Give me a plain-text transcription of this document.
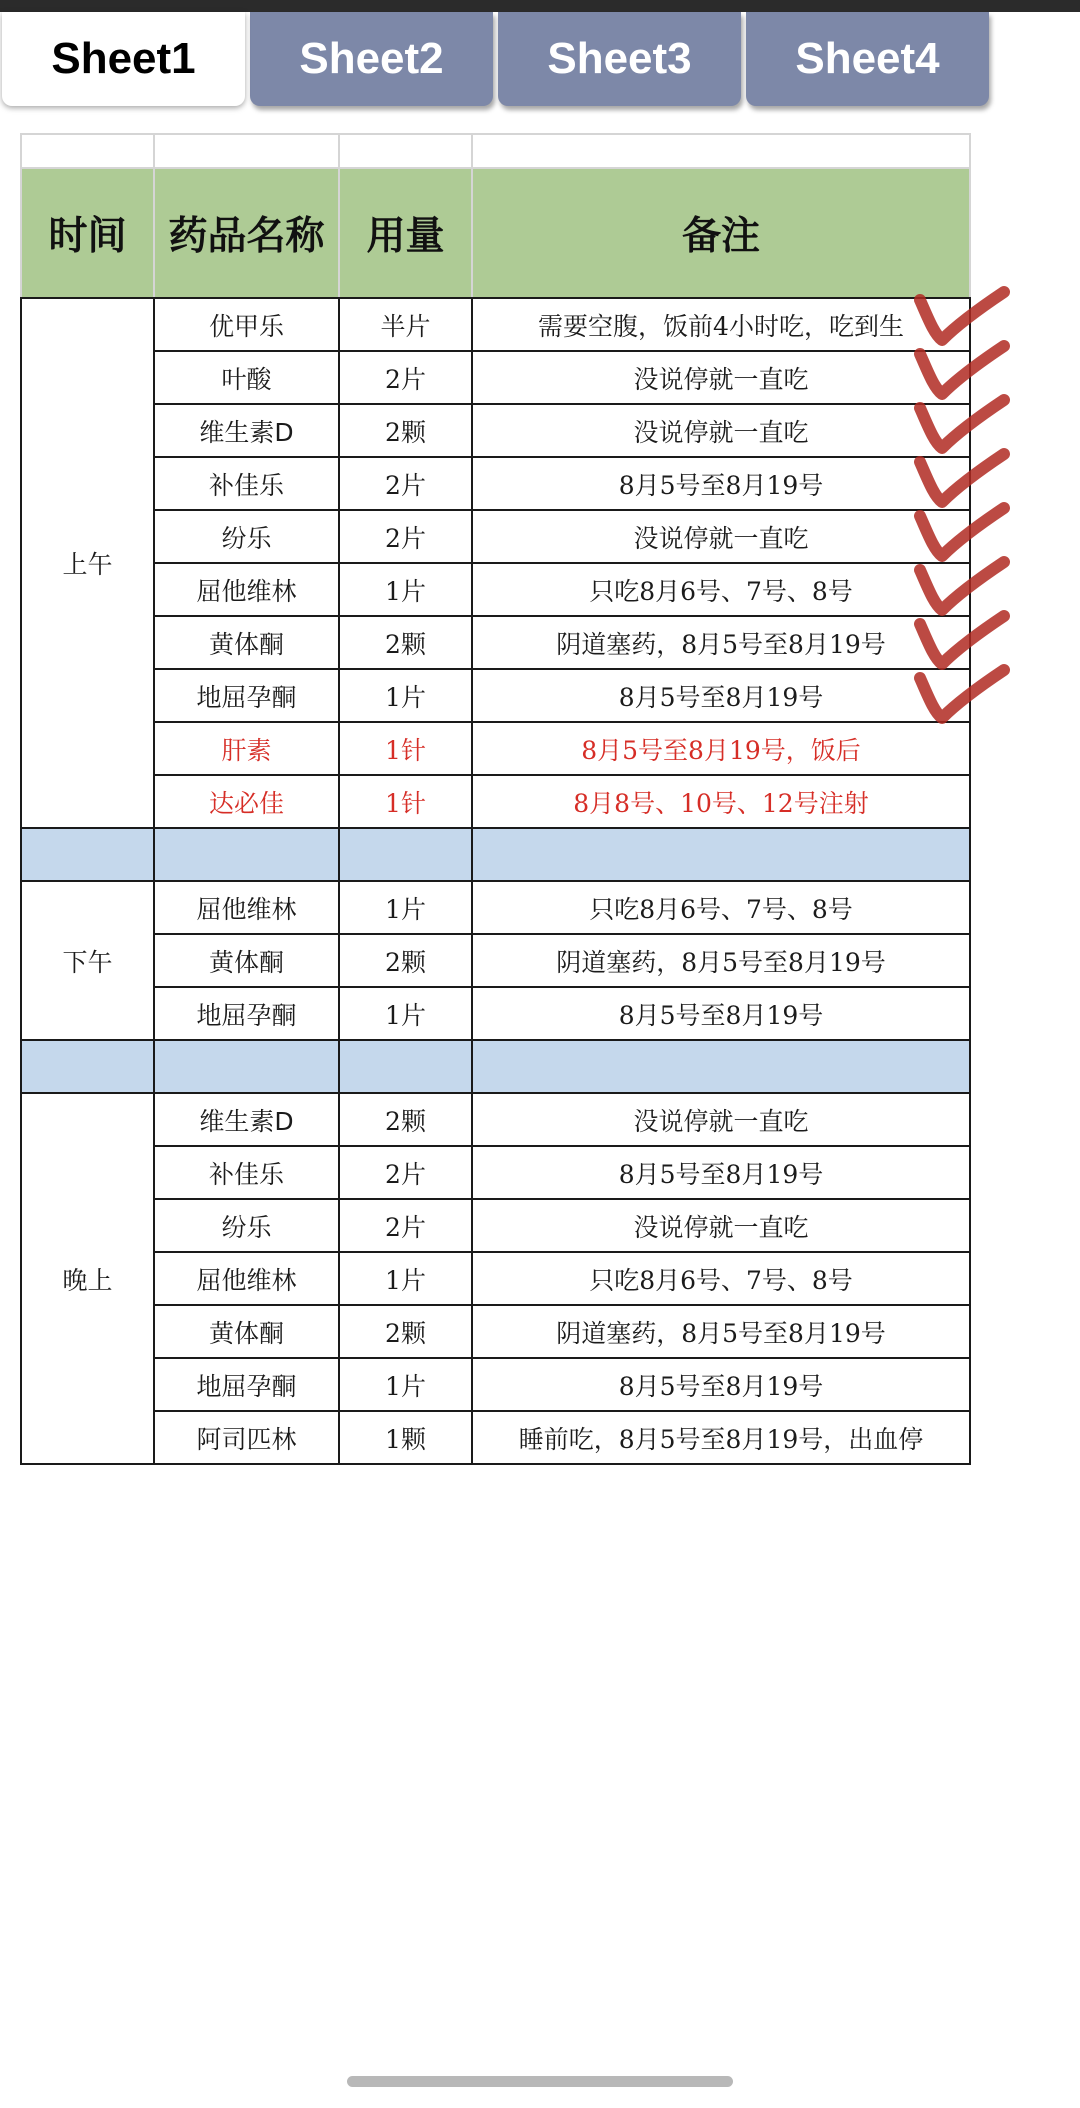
Sheet1	Sheet2	Sheet3	Sheet4

时间	药品名称	用量	备注
上午	优甲乐	半片	需要空腹，饭前4小时吃，吃到生
	叶酸	2片	没说停就一直吃
	维生素D	2颗	没说停就一直吃
	补佳乐	2片	8月5号至8月19号
	纷乐	2片	没说停就一直吃
	屈他维林	1片	只吃8月6号、7号、8号
	黄体酮	2颗	阴道塞药，8月5号至8月19号
	地屈孕酮	1片	8月5号至8月19号
	肝素	1针	8月5号至8月19号，饭后
	达必佳	1针	8月8号、10号、12号注射

下午	屈他维林	1片	只吃8月6号、7号、8号
	黄体酮	2颗	阴道塞药，8月5号至8月19号
	地屈孕酮	1片	8月5号至8月19号

晚上	维生素D	2颗	没说停就一直吃
	补佳乐	2片	8月5号至8月19号
	纷乐	2片	没说停就一直吃
	屈他维林	1片	只吃8月6号、7号、8号
	黄体酮	2颗	阴道塞药，8月5号至8月19号
	地屈孕酮	1片	8月5号至8月19号
	阿司匹林	1颗	睡前吃，8月5号至8月19号，出血停
